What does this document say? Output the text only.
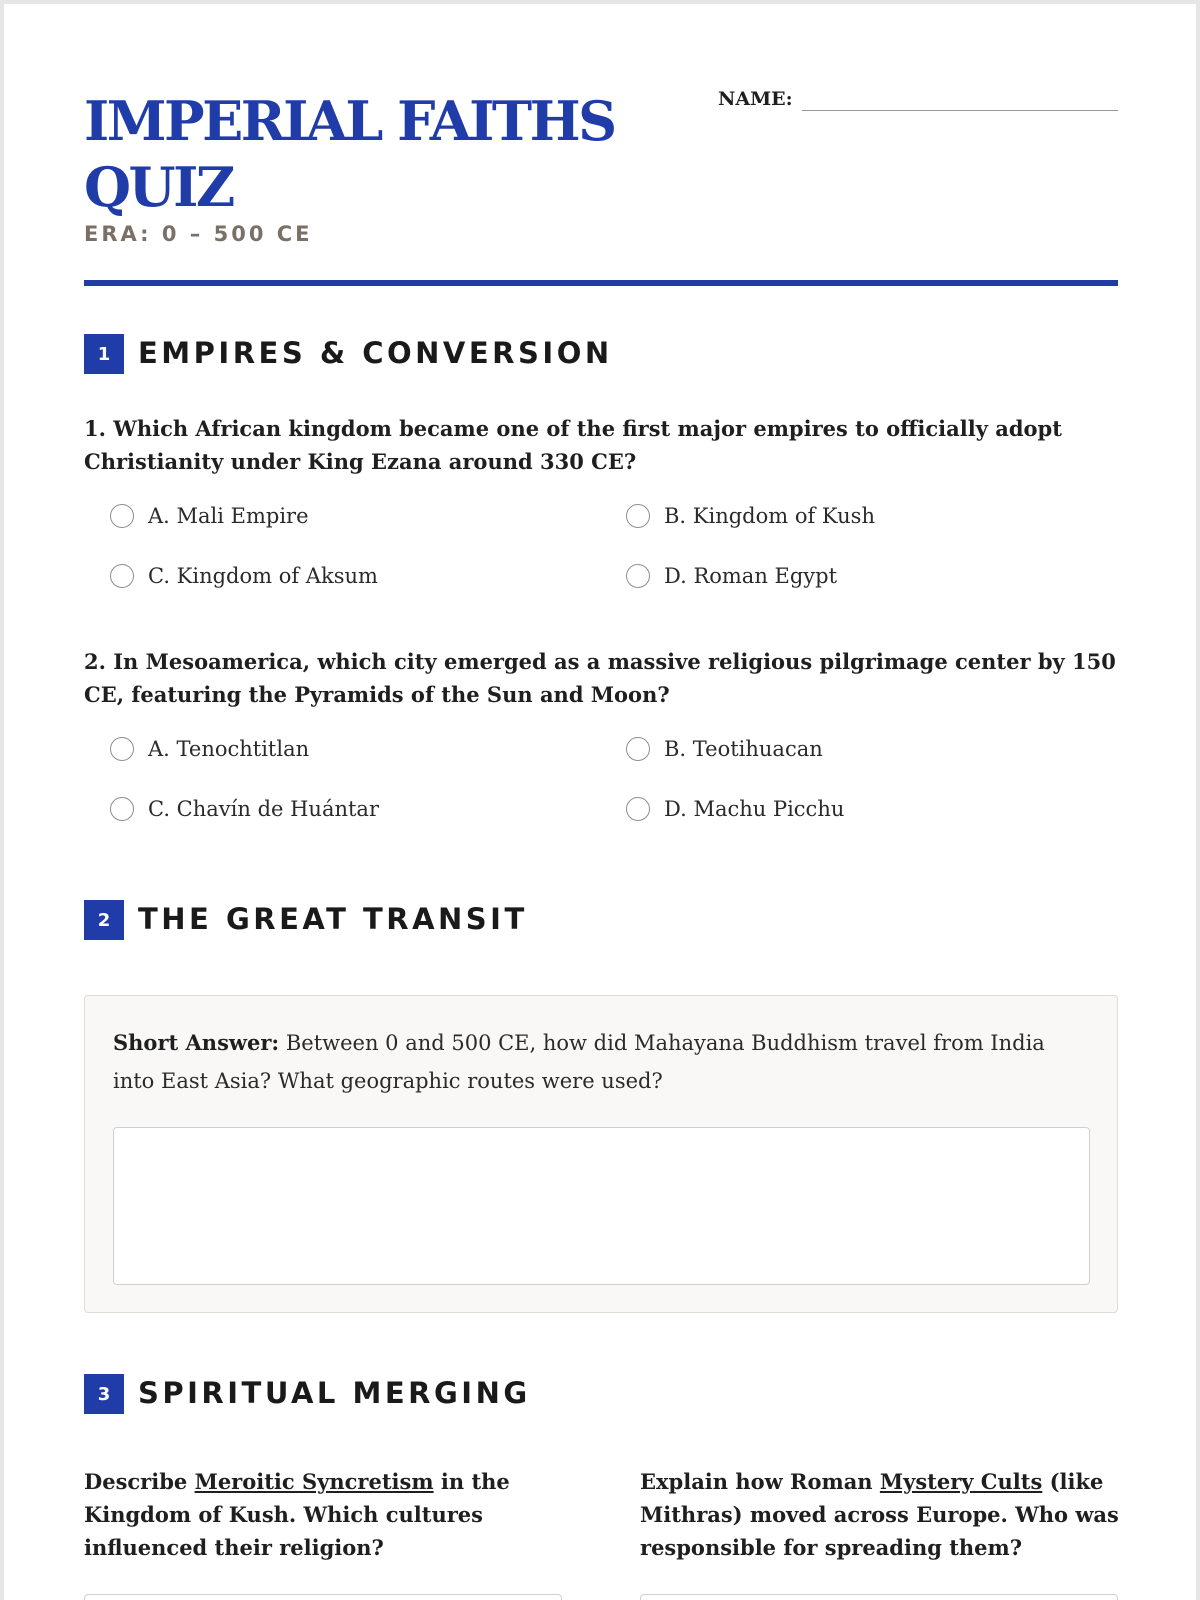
IMPERIAL FAITHS QUIZ
ERA: 0 – 500 CE
NAME:
1 EMPIRES & CONVERSION

1. Which African kingdom became one of the first major empires to officially adopt Christianity under King Ezana around 330 CE?

A. Mali Empire	B. Kingdom of Kush
C. Kingdom of Aksum	D. Roman Egypt

2. In Mesoamerica, which city emerged as a massive religious pilgrimage center by 150 CE, featuring the Pyramids of the Sun and Moon?

A. Tenochtitlan	B. Teotihuacan
C. Chavín de Huántar	D. Machu Picchu
2 THE GREAT TRANSIT

Short Answer: Between 0 and 500 CE, how did Mahayana Buddhism travel from India into East Asia? What geographic routes were used?

3 SPIRITUAL MERGING

Describe Meroitic Syncretism in the Kingdom of Kush. Which cultures influenced their religion?

Explain how Roman Mystery Cults (like Mithras) moved across Europe. Who was responsible for spreading them?
